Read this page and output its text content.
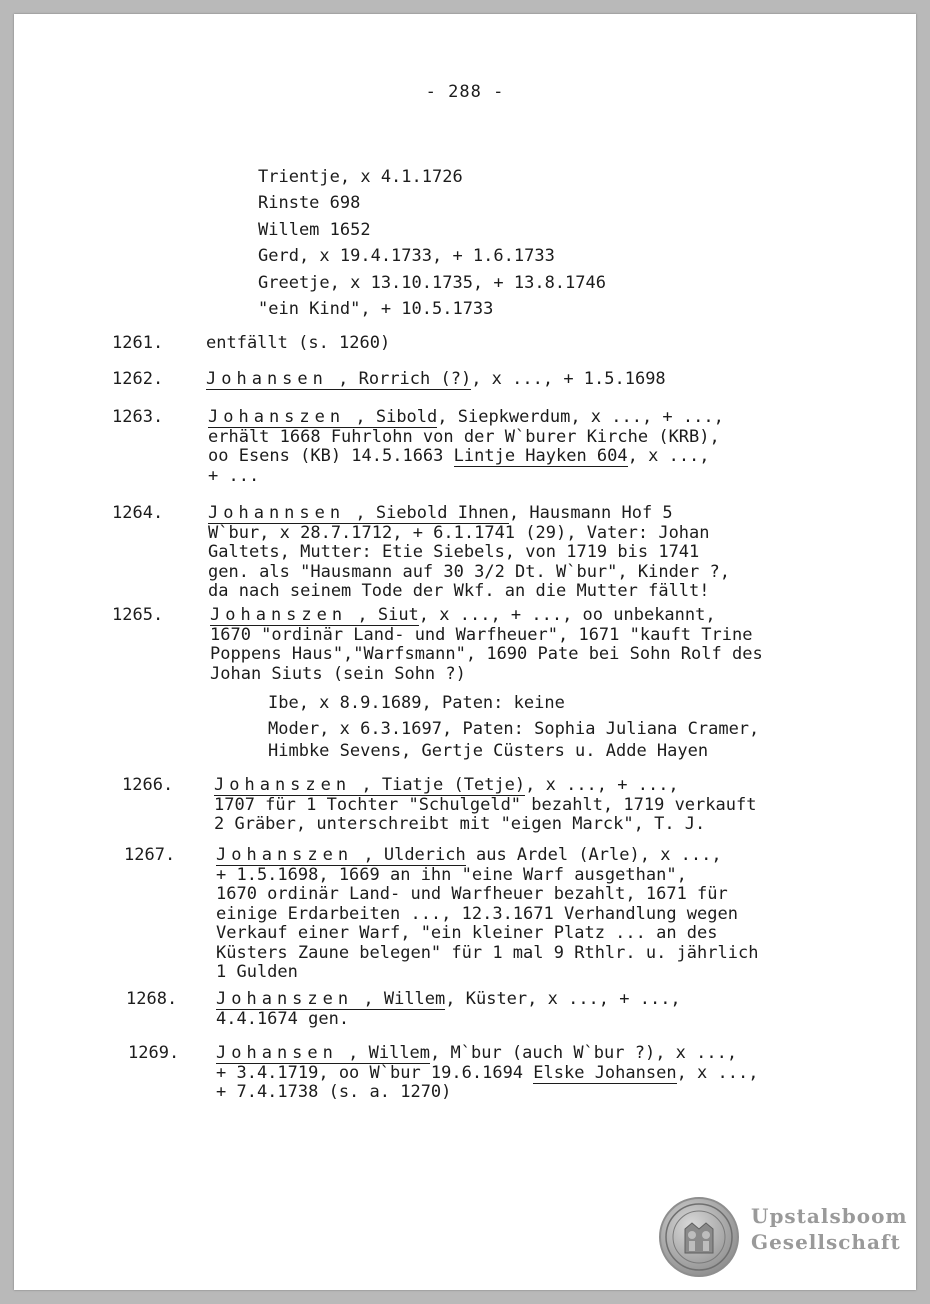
- 288 -
Trientje, x 4.1.1726
Rinste 698
Willem 1652
Gerd, x 19.4.1733, + 1.6.1733
Greetje, x 13.10.1735, + 13.8.1746
"ein Kind", + 10.5.1733
1261.	entfällt (s. 1260)
1262.	Johansen , Rorrich (?), x ..., + 1.5.1698
1263.	Johanszen , Sibold, Siepkwerdum, x ..., + ...,
erhält 1668 Fuhrlohn von der W`burer Kirche (KRB),
oo Esens (KB) 14.5.1663 Lintje Hayken 604, x ...,
+ ...
1264.	Johannsen , Siebold Ihnen, Hausmann Hof 5
W`bur, x 28.7.1712, + 6.1.1741 (29), Vater: Johan
Galtets, Mutter: Etie Siebels, von 1719 bis 1741
gen. als "Hausmann auf 30 3/2 Dt. W`bur", Kinder ?,
da nach seinem Tode der Wkf. an die Mutter fällt!
1265.	Johanszen , Siut, x ..., + ..., oo unbekannt,
1670 "ordinär Land- und Warfheuer", 1671 "kauft Trine
Poppens Haus","Warfsmann", 1690 Pate bei Sohn Rolf des
Johan Siuts (sein Sohn ?)
Ibe, x 8.9.1689, Paten: keine
Moder, x 6.3.1697, Paten: Sophia Juliana Cramer,
Himbke Sevens, Gertje Cüsters u. Adde Hayen
1266. Johanszen , Tiatje (Tetje), x ..., + ...,
1707 für 1 Tochter "Schulgeld" bezahlt, 1719 verkauft
2 Gräber, unterschreibt mit "eigen Marck", T. J.
1267. Johanszen , Ulderich aus Ardel (Arle), x ...,
+ 1.5.1698, 1669 an ihn "eine Warf ausgethan",
1670 ordinär Land- und Warfheuer bezahlt, 1671 für
einige Erdarbeiten ..., 12.3.1671 Verhandlung wegen
Verkauf einer Warf, "ein kleiner Platz ... an des
Küsters Zaune belegen" für 1 mal 9 Rthlr. u. jährlich
1 Gulden
1268. Johanszen , Willem, Küster, x ..., + ...,
4.4.1674 gen.
1269. Johansen , Willem, M`bur (auch W`bur ?), x ...,
+ 3.4.1719, oo W`bur 19.6.1694 Elske Johansen, x ...,
+ 7.4.1738 (s. a. 1270)
Upstalsboom
Gesellschaft
